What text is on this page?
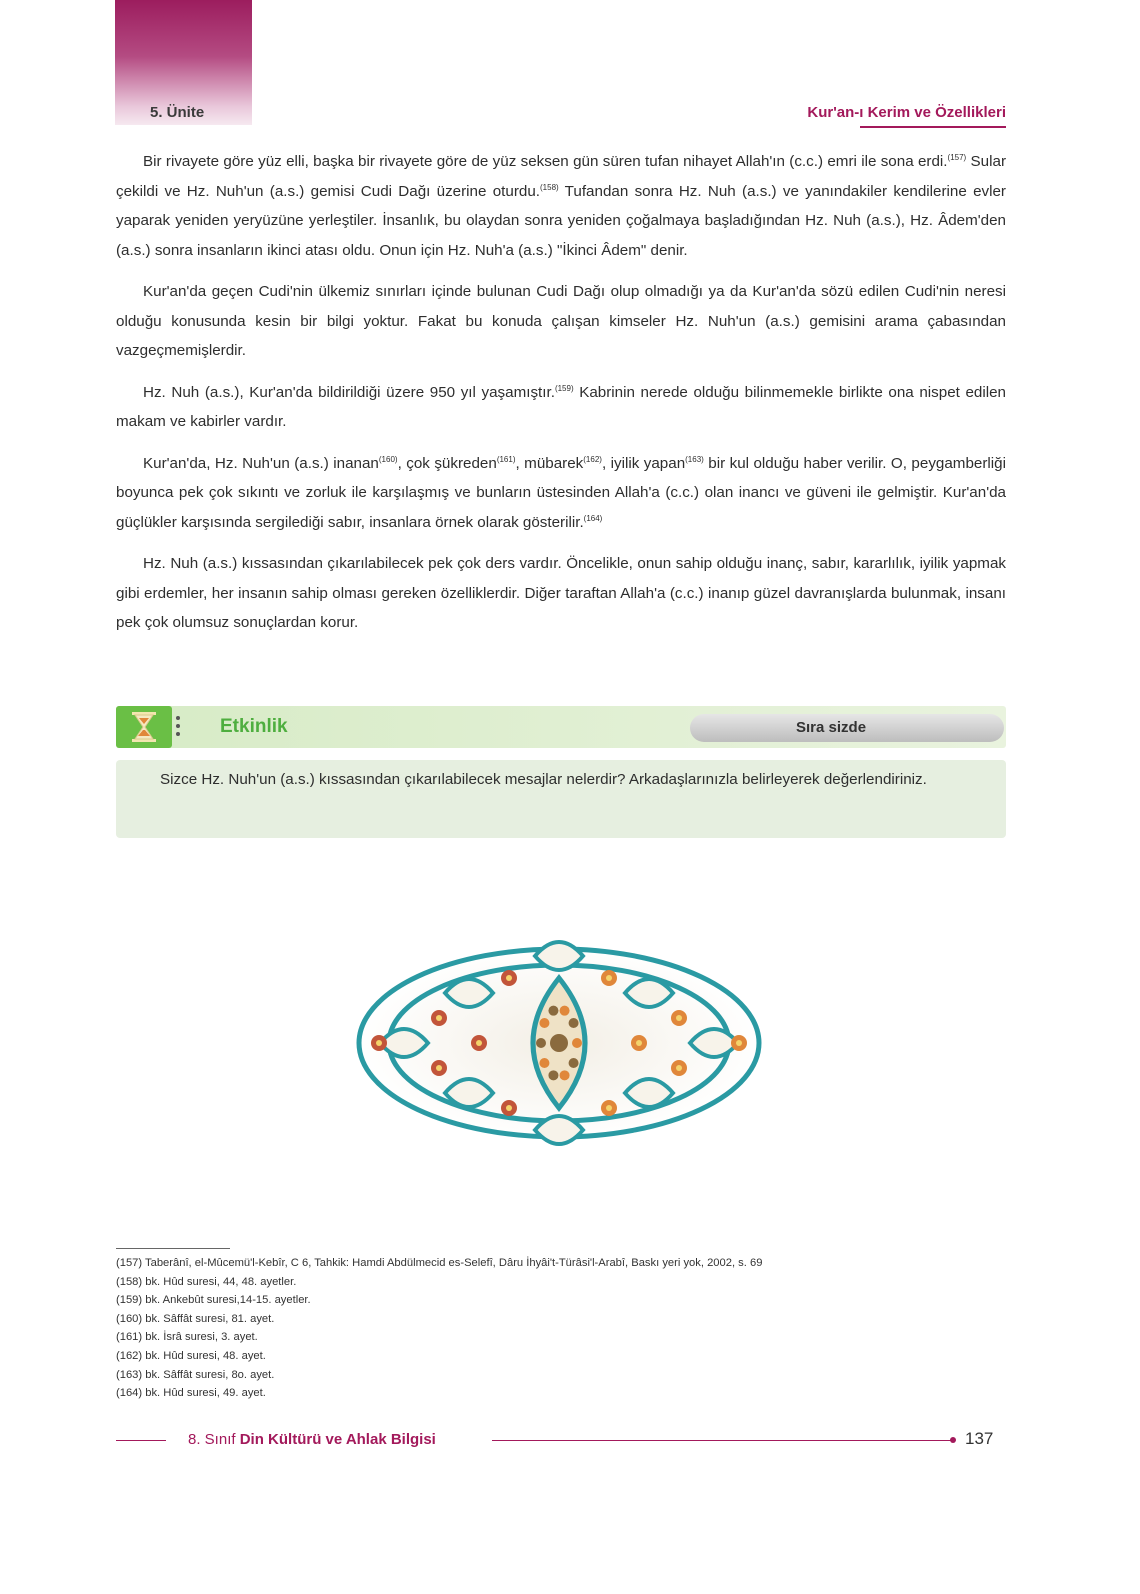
5. Ünite	Kur'an-ı Kerim ve Özellikleri

Bir rivayete göre yüz elli, başka bir rivayete göre de yüz seksen gün süren tufan nihayet Allah'ın (c.c.) emri ile sona erdi.$^{(157)}$ Sular çekildi ve Hz. Nuh'un (a.s.) gemisi Cudi Dağı üzerine oturdu.$^{(158)}$ Tufandan sonra Hz. Nuh (a.s.) ve yanındakiler kendilerine evler yaparak yeniden yeryüzüne yerleştiler. İnsanlık, bu olaydan sonra yeniden çoğalmaya başladığından Hz. Nuh (a.s.), Hz. Âdem'den (a.s.) sonra insanların ikinci atası oldu. Onun için Hz. Nuh'a (a.s.) "İkinci Âdem" denir.

Kur'an'da geçen Cudi'nin ülkemiz sınırları içinde bulunan Cudi Dağı olup olmadığı ya da Kur'an'da sözü edilen Cudi'nin neresi olduğu konusunda kesin bir bilgi yoktur. Fakat bu konuda çalışan kimseler Hz. Nuh'un (a.s.) gemisini arama çabasından vazgeçmemişlerdir.

Hz. Nuh (a.s.), Kur'an'da bildirildiği üzere 950 yıl yaşamıştır.$^{(159)}$ Kabrinin nerede olduğu bilinmemekle birlikte ona nispet edilen makam ve kabirler vardır.

Kur'an'da, Hz. Nuh'un (a.s.) inanan$^{(160)}$, çok şükreden$^{(161)}$, mübarek$^{(162)}$, iyilik yapan$^{(163)}$ bir kul olduğu haber verilir. O, peygamberliği boyunca pek çok sıkıntı ve zorluk ile karşılaşmış ve bunların üstesinden Allah'a (c.c.) olan inancı ve güveni ile gelmiştir. Kur'an'da güçlükler karşısında sergilediği sabır, insanlara örnek olarak gösterilir.$^{(164)}$

Hz. Nuh (a.s.) kıssasından çıkarılabilecek pek çok ders vardır. Öncelikle, onun sahip olduğu inanç, sabır, kararlılık, iyilik yapmak gibi erdemler, her insanın sahip olması gereken özelliklerdir. Diğer taraftan Allah'a (c.c.) inanıp güzel davranışlarda bulunmak, insanı pek çok olumsuz sonuçlardan korur.

Etkinlik	Sıra sizde

Sizce Hz. Nuh'un (a.s.) kıssasından çıkarılabilecek mesajlar nelerdir? Arkadaşlarınızla belirleyerek değerlendiriniz.

(157) Taberânî, el-Mûcemü'l-Kebîr, C 6, Tahkik: Hamdi Abdülmecid es-Selefî, Dâru İhyâi't-Türâsi'l-Arabî, Baskı yeri yok, 2002, s. 69
(158) bk. Hûd suresi, 44, 48. ayetler.
(159) bk. Ankebût suresi,14-15. ayetler.
(160) bk. Sâffât suresi, 81. ayet.
(161) bk. İsrâ suresi, 3. ayet.
(162) bk. Hûd suresi, 48. ayet.
(163) bk. Sâffât suresi, 8o. ayet.
(164) bk. Hûd suresi, 49. ayet.
8. Sınıf Din Kültürü ve Ahlak Bilgisi	137
